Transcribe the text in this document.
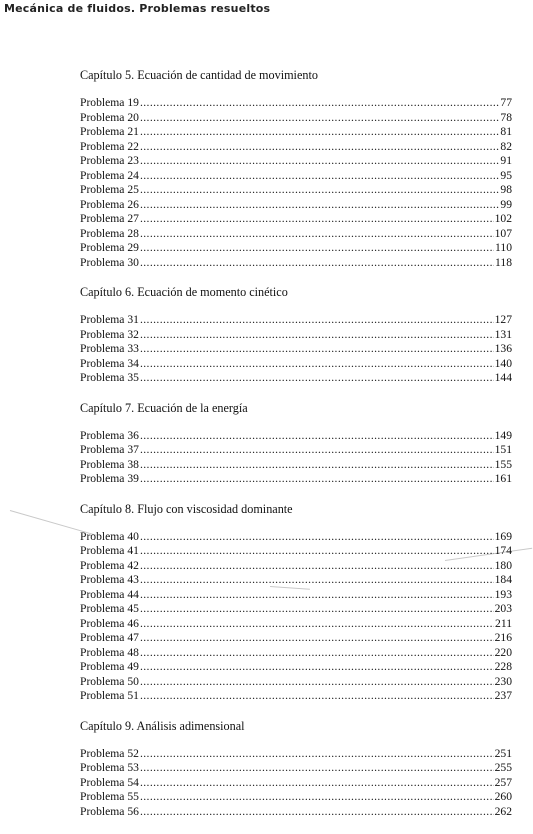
Mecánica de fluidos. Problemas resueltos
Capítulo 5. Ecuación de cantidad de movimiento
Problema 19 .....	77
Problema 20 .....	78
Problema 21 .....	81
Problema 22 .....	82
Problema 23 .....	91
Problema 24 .....	95
Problema 25 .....	98
Problema 26 .....	99
Problema 27 .....	102
Problema 28 .....	107
Problema 29 .....	110
Problema 30 .....	118
Capítulo 6. Ecuación de momento cinético
Problema 31 .....	127
Problema 32 .....	131
Problema 33 .....	136
Problema 34 .....	140
Problema 35 .....	144
Capítulo 7. Ecuación de la energía
Problema 36 .....	149
Problema 37 .....	151
Problema 38 .....	155
Problema 39 .....	161
Capítulo 8. Flujo con viscosidad dominante
Problema 40 .....	169
Problema 41 .....	174
Problema 42 .....	180
Problema 43 .....	184
Problema 44 .....	193
Problema 45 .....	203
Problema 46 .....	211
Problema 47 .....	216
Problema 48 .....	220
Problema 49 .....	228
Problema 50 .....	230
Problema 51 .....	237
Capítulo 9. Análisis adimensional
Problema 52 .....	251
Problema 53 .....	255
Problema 54 .....	257
Problema 55 .....	260
Problema 56 .....	262
